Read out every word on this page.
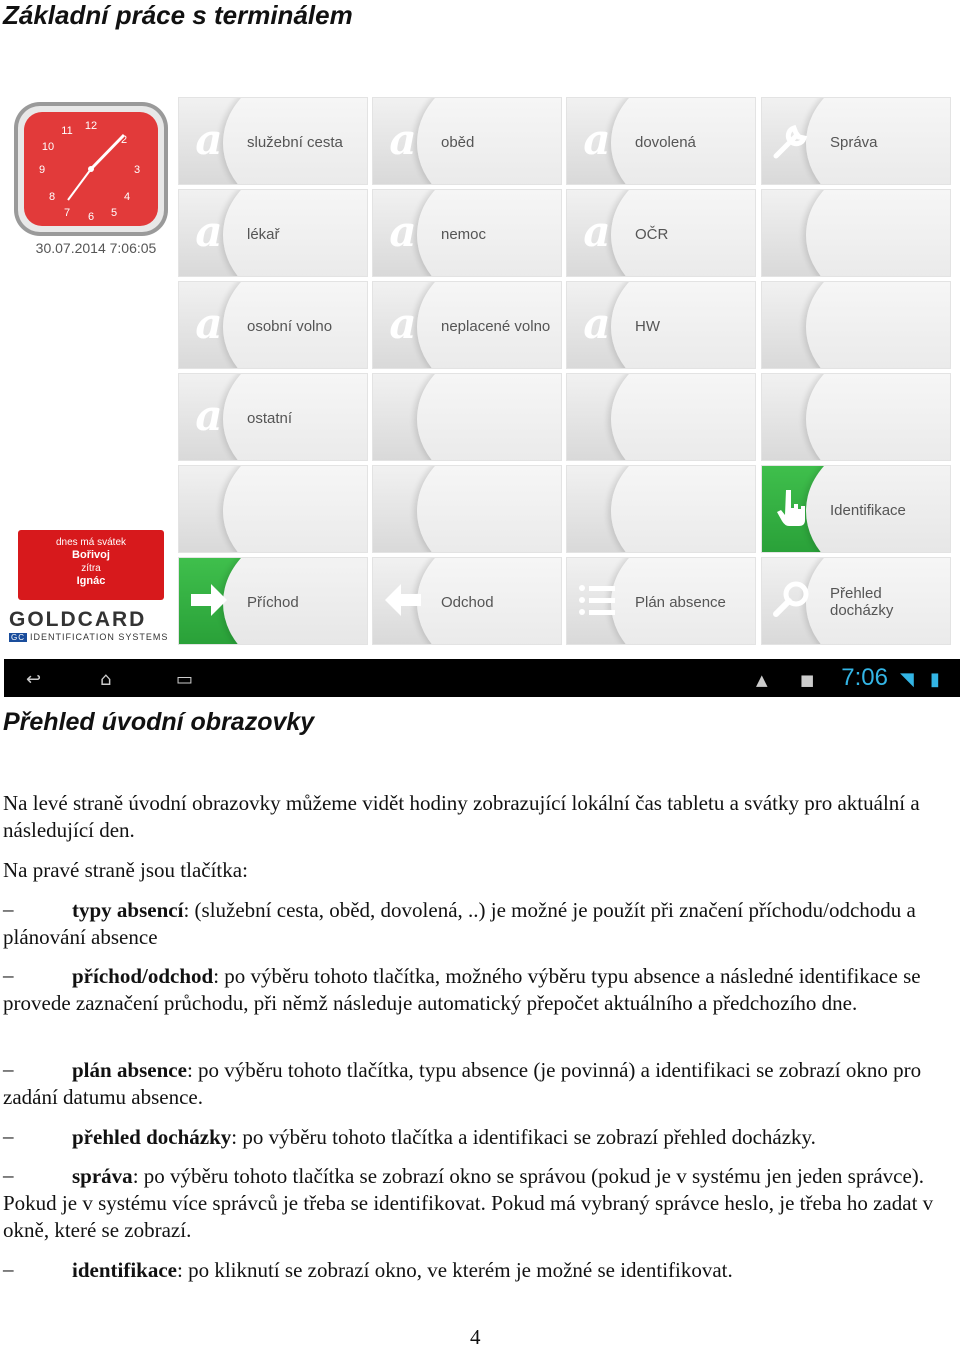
Základní práce s terminálem
12
2
3
4
5
6
7
8
9
10
11
30.07.2014 7:06:05
dnes má svátek
Bořivoj
zítra
Ignác
GOLDCARD
GC IDENTIFICATION SYSTEMS
a	služební cesta a	oběd	a	dovolená	Správa
a	lékař	a	nemoc a	OČR
a	osobní volno a	neplacené volno a	HW
a	ostatní
Identifikace
Příchod	Odchod	Plán absence	Přehled docházky
↩	⌂	▭	▲ ■ 7:06 ◥ ▮
Přehled úvodní obrazovky
Na levé straně úvodní obrazovky můžeme vidět hodiny zobrazující lokální čas tabletu a svátky pro aktuální a následující den.
Na pravé straně jsou tlačítka:
–	typy absencí: (služební cesta, oběd, dovolená, ..) je možné je použít při značení příchodu/odchodu a plánování absence
–	příchod/odchod: po výběru tohoto tlačítka, možného výběru typu absence a následné identifikace se provede zaznačení průchodu, při němž následuje automatický přepočet aktuálního a předchozího dne.
–	plán absence: po výběru tohoto tlačítka, typu absence (je povinná) a identifikaci se zobrazí okno pro zadání datumu absence.
–	přehled docházky: po výběru tohoto tlačítka a identifikaci se zobrazí přehled docházky.
–	správa: po výběru tohoto tlačítka se zobrazí okno se správou (pokud je v systému jen jeden správce). Pokud je v systému více správců je třeba se identifikovat. Pokud má vybraný správce heslo, je třeba ho zadat v okně, které se zobrazí.
–	identifikace: po kliknutí se zobrazí okno, ve kterém je možné se identifikovat.
4
